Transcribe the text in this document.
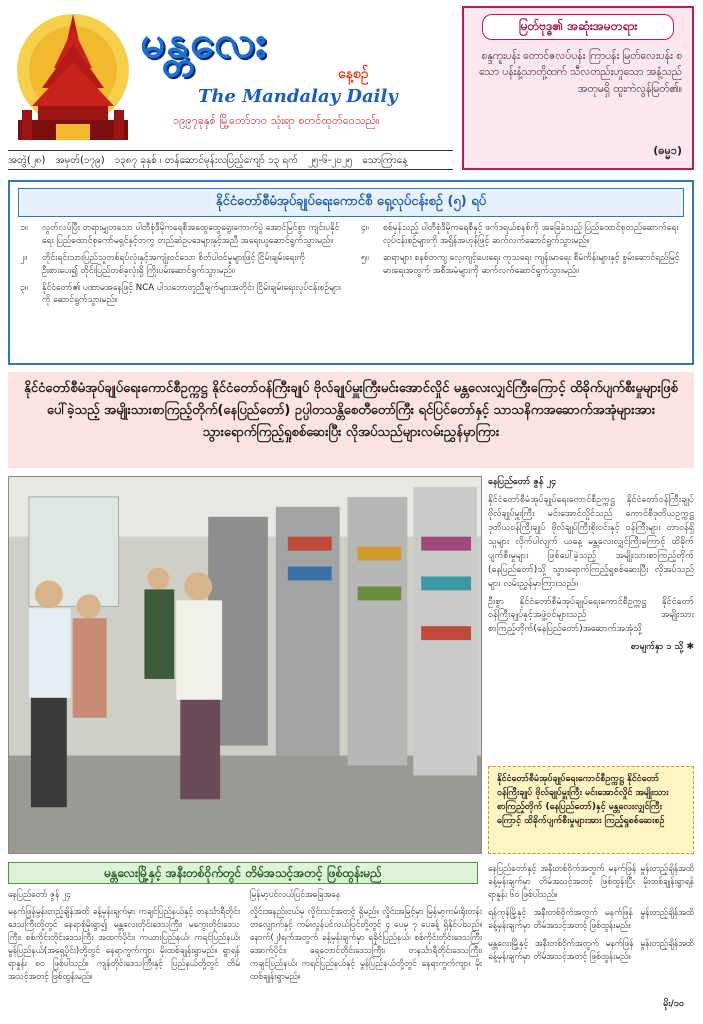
မန္တလေး
နေ့စဉ်
The Mandalay Daily
၁၉၉၇ခုနှစ် မြို့တော်ဘဝ သုံးရာ စတင်ထုတ်ဝေသည်။
အတွဲ(၂၈) အမှတ်(၁၇၉) ၁၃၈၇ ခုနှစ် ၊ တန်ဆောင်မုန်းလပြည့်ကျော် ၁၃ ရက် ၂၅-၆-၂၀၂၅ သောကြာနေ့
မြတ်ဗုဒ္ဓ၏ အဆုံးအမတရား
စန္ဒကူးပန်း တောင်ဇလပ်ပန်း ကြာပန်း မြတ်လေးပန်း စသော ပန်းနံ့သာတို့ထက် သီလတည်းဟူသော အနံ့သည် အတုမရှိ ထူးကဲလွန်မြတ်၏။
(ဓမ္မ၁)
နိုင်ငံတော်စီမံအုပ်ချုပ်ရေးကောင်စီ ရှေ့လုပ်ငန်းစဉ် (၅) ရပ်
၁။	လွတ်လပ်ပြီး တရားမျှတသော ပါတီစုံဒီမိုကရေစီအထွေထွေရွေးကောက်ပွဲ အောင်မြင်စွာ ကျင်းပနိုင်ရေး ပြည်ထောင်စုကော်မရှင်နှင့်တကွ တည်ဆဲဥပဒေများနှင့်အညီ အရေးယူဆောင်ရွက်သွားမည်။
၂။	တိုင်းရင်းသားပြည်သူတစ်ရပ်လုံးနှင့်အကျုံးဝင်သော စိတ်ပါဝင်မှုများဖြင့် ငြိမ်းချမ်းရေးကို ဦးစားပေး၍ တိုင်းပြည်တစ်ခုလုံးရှိ ကြိုးပမ်းဆောင်ရွက်သွားမည်။
၃။	နိုင်ငံတော်၏ ပဏာမအနေဖြင့် NCA ပါသဘောတူညီချက်များအတိုင်း ငြိမ်းချမ်းရေးလုပ်ငန်းစဉ်များကို ဆောင်ရွက်သွားမည်။
၄။	စစ်မှန်သည့် ပါတီစုံဒီမိုကရေစီနှင့် ဖက်ဒရယ်စနစ်ကို အခြေခံသည့် ပြည်ထောင်စုတည်ဆောက်ရေးလုပ်ငန်းစဉ်များကို အရှိန်အဟုန်ဖြင့် ဆက်လက်ဆောင်ရွက်သွားမည်။
၅။	ဆရာများ စနစ်တကျ လေ့ကျင့်ပေးရေး ကုသရေး ကျန်းမာရေး စီမံကိန်းများနှင့် စွမ်းဆောင်ရည်မြင့်မားရေးအတွက် အစီအမံများကို ဆက်လက်ဆောင်ရွက်သွားမည်။
နိုင်ငံတော်စီမံအုပ်ချုပ်ရေးကောင်စီဥက္ကဋ္ဌ နိုင်ငံတော်ဝန်ကြီးချုပ် ဗိုလ်ချုပ်မှူးကြီးမင်းအောင်လှိုင် မန္တလေးလျှင်ကြီးကြောင့် ထိခိုက်ပျက်စီးမှုများဖြစ်ပေါ်ခဲ့သည့် အမျိုးသားစာကြည့်တိုက်(နေပြည်တော်) ဥပ္ပါတသန္တိစေတီတော်ကြီး ရင်ပြင်တော်နှင့် သာသနိကအဆောက်အအုံများအား သွားရောက်ကြည့်ရှုစစ်ဆေးပြီး လိုအပ်သည်များလမ်းညွှန်မှာကြား

နေပြည်တော် ဇွန် ၂၄

နိုင်ငံတော်စီမံအုပ်ချုပ်ရေးကောင်စီဥက္ကဋ္ဌ နိုင်ငံတော်ဝန်ကြီးချုပ် ဗိုလ်ချုပ်မှူးကြီး မင်းအောင်လှိုင်သည် ကောင်စီဒုတိယဥက္ကဋ္ဌ ဒုတိယဝန်ကြီးချုပ် ဗိုလ်ချုပ်ကြီးစိုးဝင်းနှင့် ဝန်ကြီးများ တာဝန်ရှိသူများ လိုက်ပါလျက် ယနေ့ မန္တလေးလျှင်ကြီးကြောင့် ထိခိုက်ပျက်စီးမှုများ ဖြစ်ပေါ်ခဲ့သည့် အမျိုးသားစာကြည့်တိုက် (နေပြည်တော်)သို့ သွားရောက်ကြည့်ရှုစစ်ဆေးပြီး လိုအပ်သည်များ လမ်းညွှန်မှာကြားသည်။

ဦးစွာ နိုင်ငံတော်စီမံအုပ်ချုပ်ရေးကောင်စီဥက္ကဋ္ဌ နိုင်ငံတော်ဝန်ကြီးချုပ်နှင့်အဖွဲ့ဝင်များသည် အမျိုးသားစာကြည့်တိုက်(နေပြည်တော်)အဆောက်အအုံသို့

စာမျက်နှာ ၁ သို့ ✱
နိုင်ငံတော်စီမံအုပ်ချုပ်ရေးကောင်စီဥက္ကဋ္ဌ နိုင်ငံတော်ဝန်ကြီးချုပ် ဗိုလ်ချုပ်မှူးကြီး မင်းအောင်လှိုင် အမျိုးသားစာကြည့်တိုက် (နေပြည်တော်)နှင့် မန္တလေးလျှင်ကြီးကြောင့် ထိခိုက်ပျက်စီးမှုများအား ကြည့်ရှုစစ်ဆေးစဉ်
မန္တလေးမြို့နှင့် အနီးတစ်ဝိုက်တွင် တိမ်အသင့်အတင့် ဖြစ်ထွန်းမည်

နေပြည်တော် ဇွန် ၂၄

မနက်ဖြန်မွန်းတည့်ချိန်အထိ ခန့်မှန်းချက်မှာ ကချင်ပြည်နယ်နှင့် တနင်္သာရီတိုင်းဒေသကြီးတို့တွင် နေရာစုံမိုးရွာ၍ မန္တလေးတိုင်းဒေသကြီး၊ မကွေးတိုင်းဒေသကြီး၊ စစ်ကိုင်းတိုင်းဒေသကြီး အထက်ပိုင်း၊ ကယားပြည်နယ်၊ ကရင်ပြည်နယ်၊ မွန်ပြည်နယ်(အရှေ့ပိုင်း)တို့တွင် နေရာကွက်ကျား မိုးထစ်ချုန်းရွာမည်။ ရွာရန်ရာနှုန်း ၈၀ ဖြစ်ပါသည်။ ကျန်တိုင်းဒေသကြီးနှင့် ပြည်နယ်တို့တွင် တိမ်အသင့်အတင့် ဖြစ်ထွန်းမည်။

မြန်မာ့ပင်လယ်ပြင်အခြေအနေ

လှိုင်းအနည်းငယ်မှ လှိုင်းသင့်အတင့် ရှိမည်။ လှိုင်းအမြင့်မှာ မြန်မာ့ကမ်းရိုးတန်းတလျှောက်နှင့် ကမ်းလွန်ပင်လယ်ပြင်တို့တွင် ၄ ပေမှ ၇ ပေခန့် ရှိနိုင်ပါသည်။ နောက်(၂)ရက်အတွက် ခန့်မှန်းချက်မှာ ရခိုင်ပြည်နယ်၊ စစ်ကိုင်းတိုင်းဒေသကြီး အောက်ပိုင်း၊ ရေတောင်တိုင်းဒေသကြီး၊ တနင်္သာရီတိုင်းဒေသကြီး၊ ကချင်ပြည်နယ်၊ ကရင်ပြည်နယ်နှင့် မွန်ပြည်နယ်တို့တွင် နေရာကွက်ကျား မိုးထစ်ချုန်းရွာမည်။

နေပြည်တော်နှင့် အနီးတစ်ဝိုက်အတွက် မနက်ဖြန် မွန်းတည့်ချိန်အထိ ခန့်မှန်းချက်မှာ တိမ်အသင့်အတင့် ဖြစ်ထွန်းပြီး မိုးထစ်ချုန်းရွာရန်ရာနှုန်း ၆၀ ဖြစ်ပါသည်။

ရန်ကုန်မြို့နှင့် အနီးတစ်ဝိုက်အတွက် မနက်ဖြန် မွန်းတည့်ချိန်အထိ ခန့်မှန်းချက်မှာ တိမ်အသင့်အတင့် ဖြစ်ထွန်းမည်။

မန္တလေးမြို့နှင့် အနီးတစ်ဝိုက်အတွက် မနက်ဖြန် မွန်းတည့်ချိန်အထိ ခန့်မှန်းချက်မှာ တိမ်အသင့်အတင့် ဖြစ်ထွန်းမည်။

မိုး/၁၀
